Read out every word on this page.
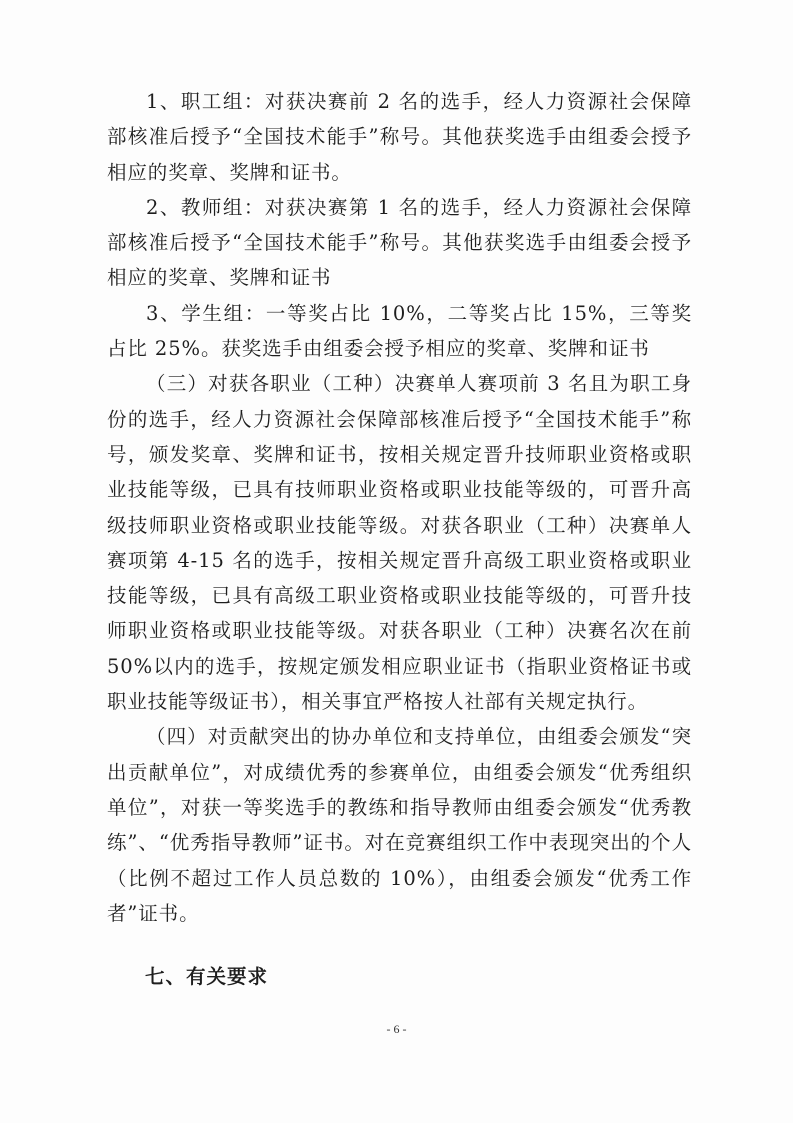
1、职工组：对获决赛前 2 名的选手，经人力资源社会保障部核准后授予“全国技术能手”称号。其他获奖选手由组委会授予相应的奖章、奖牌和证书。

2、教师组：对获决赛第 1 名的选手，经人力资源社会保障部核准后授予“全国技术能手”称号。其他获奖选手由组委会授予相应的奖章、奖牌和证书

3、学生组：一等奖占比 10%，二等奖占比 15%，三等奖占比 25%。获奖选手由组委会授予相应的奖章、奖牌和证书

（三）对获各职业（工种）决赛单人赛项前 3 名且为职工身份的选手，经人力资源社会保障部核准后授予“全国技术能手”称号，颁发奖章、奖牌和证书，按相关规定晋升技师职业资格或职业技能等级，已具有技师职业资格或职业技能等级的，可晋升高级技师职业资格或职业技能等级。对获各职业（工种）决赛单人赛项第 4-15 名的选手，按相关规定晋升高级工职业资格或职业技能等级，已具有高级工职业资格或职业技能等级的，可晋升技师职业资格或职业技能等级。对获各职业（工种）决赛名次在前 50%以内的选手，按规定颁发相应职业证书（指职业资格证书或职业技能等级证书），相关事宜严格按人社部有关规定执行。

（四）对贡献突出的协办单位和支持单位，由组委会颁发“突出贡献单位”，对成绩优秀的参赛单位，由组委会颁发“优秀组织单位”，对获一等奖选手的教练和指导教师由组委会颁发“优秀教练”、“优秀指导教师”证书。对在竞赛组织工作中表现突出的个人（比例不超过工作人员总数的 10%），由组委会颁发“优秀工作者”证书。

七、有关要求
- 6 -
